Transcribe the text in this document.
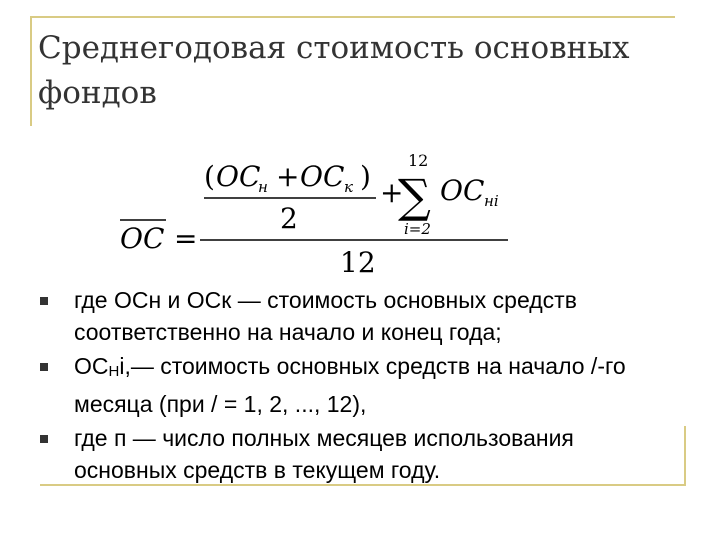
Среднегодовая стоимость основных фондов
OC =
( OC
н + OC к )
2
+
12
∑
i=2
OC нi
12
где ОСн и ОСк — стоимость основных средств соответственно на начало и конец года;
ОСНi,— стоимость основных средств на начало /-го месяца (при / = 1, 2, ..., 12),
где п — число полных месяцев использования основных средств в текущем году.
